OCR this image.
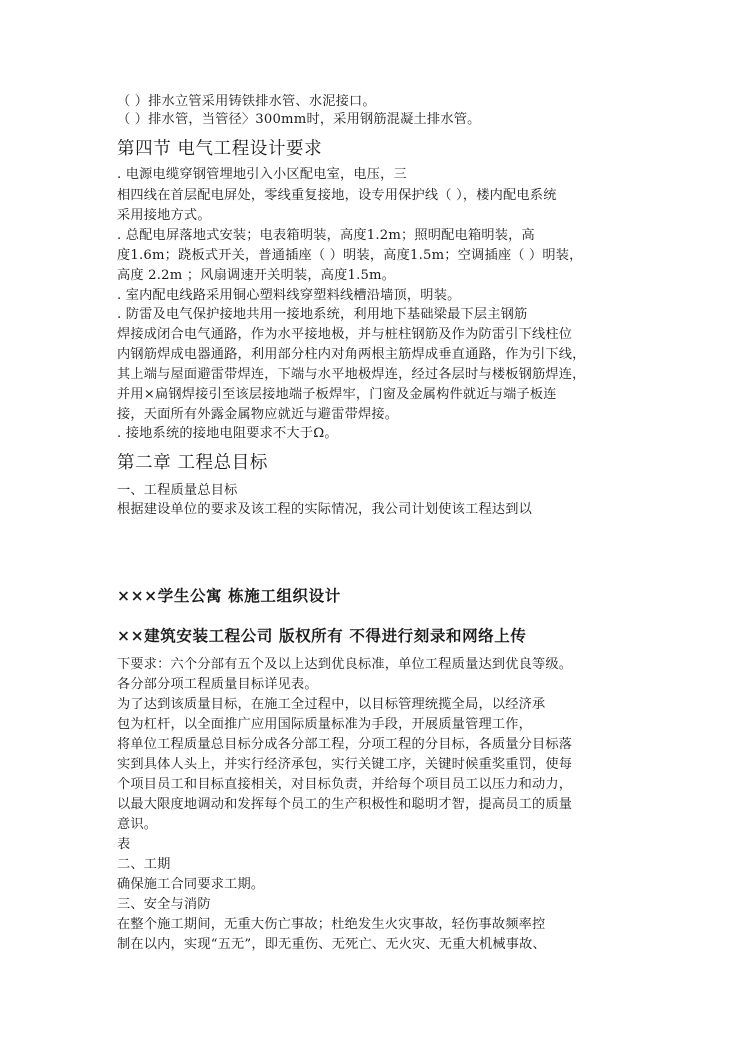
（ ）排水立管采用铸铁排水管、水泥接口。
（ ）排水管，当管径〉300mm时，采用钢筋混凝土排水管。
第四节 电气工程设计要求
. 电源电缆穿钢管埋地引入小区配电室，电压，三
相四线在首层配电屏处，零线重复接地，设专用保护线（ ），楼内配电系统
采用接地方式。
. 总配电屏落地式安装；电表箱明装，高度1.2m；照明配电箱明装，高
度1.6m；跷板式开关，普通插座（ ）明装，高度1.5m；空调插座（ ）明装，
高度 2.2m ；风扇调速开关明装，高度1.5m。
. 室内配电线路采用铜心塑料线穿塑料线槽沿墙顶，明装。
. 防雷及电气保护接地共用一接地系统，利用地下基础梁最下层主钢筋
焊接成闭合电气通路，作为水平接地极，并与桩柱钢筋及作为防雷引下线柱位
内钢筋焊成电器通路，利用部分柱内对角两根主筋焊成垂直通路，作为引下线，
其上端与屋面避雷带焊连，下端与水平地极焊连，经过各层时与楼板钢筋焊连，
并用×扁钢焊接引至该层接地端子板焊牢，门窗及金属构件就近与端子板连
接，天面所有外露金属物应就近与避雷带焊接。
. 接地系统的接地电阻要求不大于Ω。
第二章 工程总目标
一、工程质量总目标
根据建设单位的要求及该工程的实际情况，我公司计划使该工程达到以
×××学生公寓 栋施工组织设计
××建筑安装工程公司 版权所有 不得进行刻录和网络上传
下要求：六个分部有五个及以上达到优良标准，单位工程质量达到优良等级。
各分部分项工程质量目标详见表。
为了达到该质量目标，在施工全过程中，以目标管理统揽全局，以经济承
包为杠杆，以全面推广应用国际质量标准为手段，开展质量管理工作，
将单位工程质量总目标分成各分部工程，分项工程的分目标，各质量分目标落
实到具体人头上，并实行经济承包，实行关键工序，关键时候重奖重罚，使每
个项目员工和目标直接相关，对目标负责，并给每个项目员工以压力和动力，
以最大限度地调动和发挥每个员工的生产积极性和聪明才智，提高员工的质量
意识。
表
二、工期
确保施工合同要求工期。
三、安全与消防
在整个施工期间，无重大伤亡事故；杜绝发生火灾事故，轻伤事故频率控
制在以内，实现“五无”，即无重伤、无死亡、无火灾、无重大机械事故、
